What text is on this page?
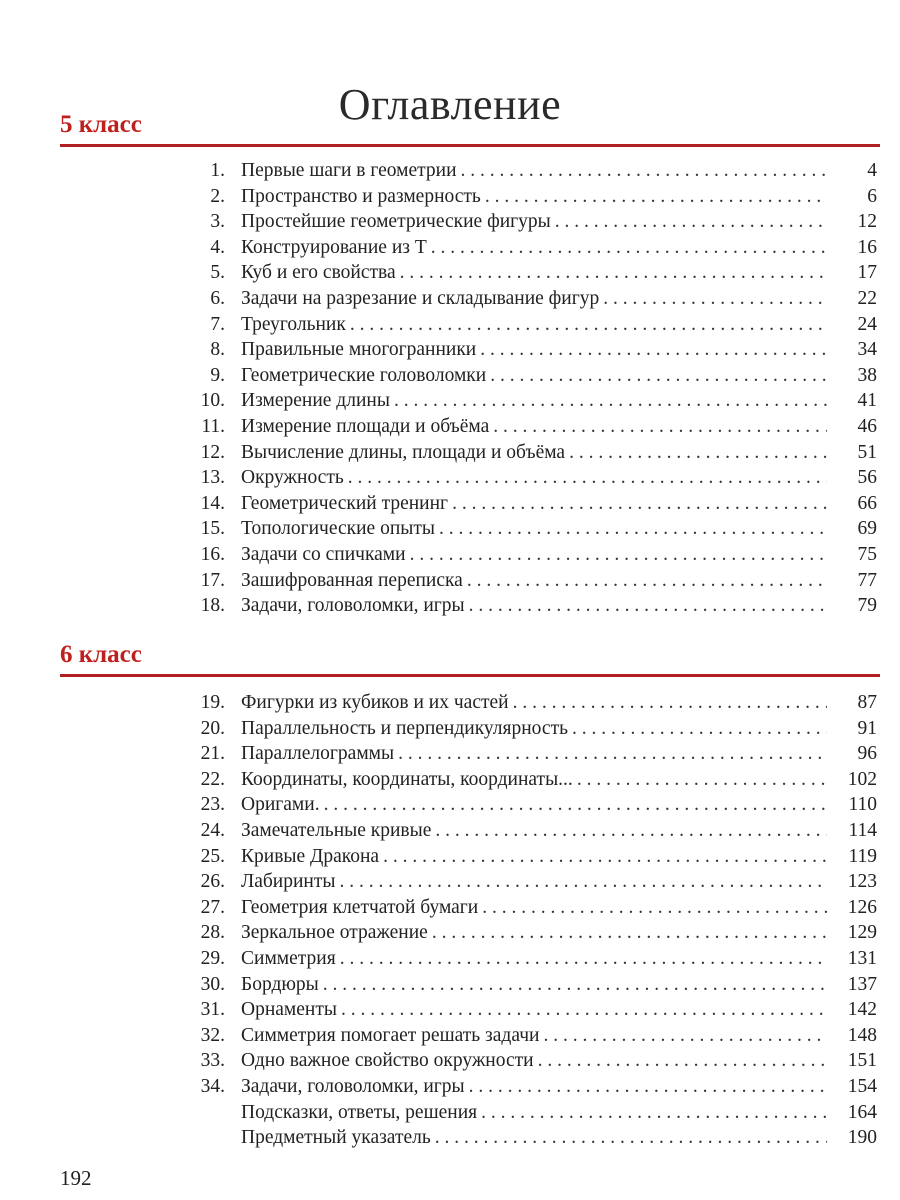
Оглавление
5 класс
1. Первые шаги в геометрии . . .	4
2. Пространство и размерность . . .	6
3. Простейшие геометрические фигуры . . .	12
4. Конструирование из Т . . .	16
5. Куб и его свойства . . .	17
6. Задачи на разрезание и складывание фигур . . .	22
7. Треугольник . . .	24
8. Правильные многогранники . . .	34
9. Геометрические головоломки . . .	38
10. Измерение длины . . .	41
11. Измерение площади и объёма . . .	46
12. Вычисление длины, площади и объёма . . .	51
13. Окружность . . .	56
14. Геометрический тренинг . . .	66
15. Топологические опыты . . .	69
16. Задачи со спичками . . .	75
17. Зашифрованная переписка . . .	77
18. Задачи, головоломки, игры . . .	79
6 класс
19. Фигурки из кубиков и их частей . . .	87
20. Параллельность и перпендикулярность . . .	91
21. Параллелограммы . . .	96
22. Координаты, координаты, координаты... . . .	102
23. Оригами. . . .	110
24. Замечательные кривые . . .	114
25. Кривые Дракона . . .	119
26. Лабиринты . . .	123
27. Геометрия клетчатой бумаги . . .	126
28. Зеркальное отражение . . .	129
29. Симметрия . . .	131
30. Бордюры . . .	137
31. Орнаменты . . .	142
32. Симметрия помогает решать задачи . . .	148
33. Одно важное свойство окружности . . .	151
34. Задачи, головоломки, игры . . .	154
Подсказки, ответы, решения . . .	164
Предметный указатель . . .	190
192
